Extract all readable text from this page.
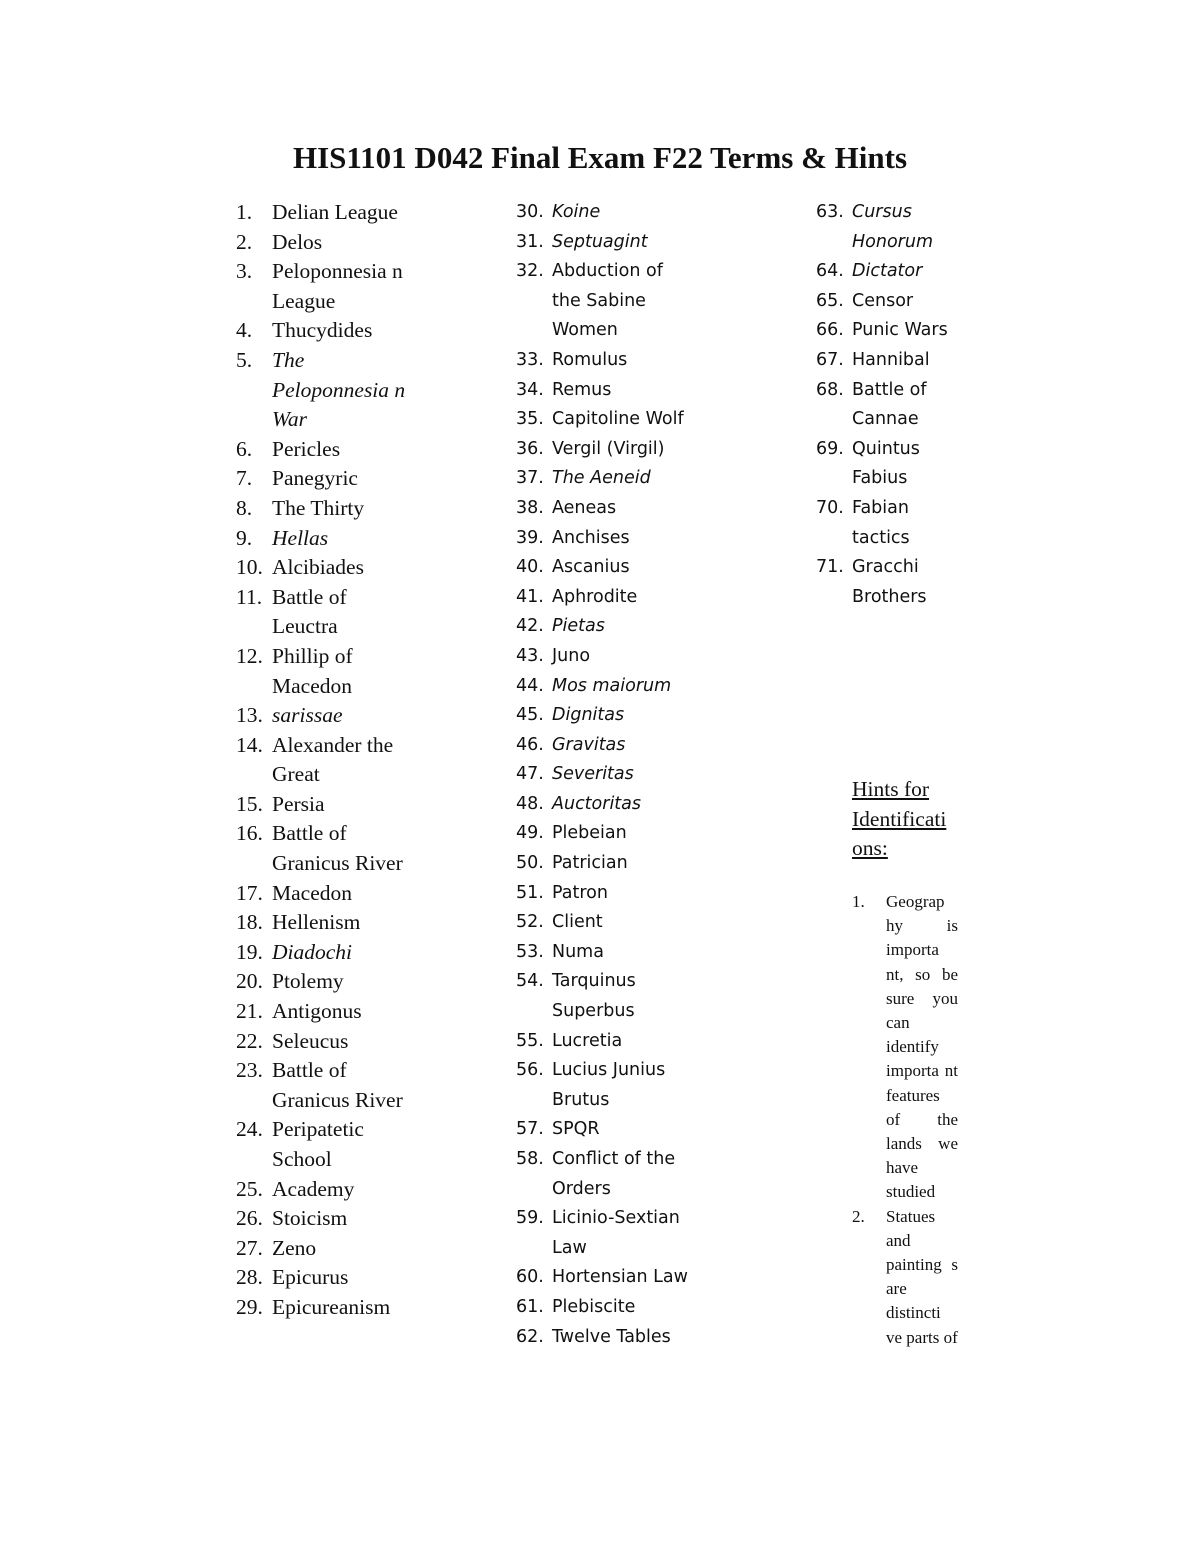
HIS1101 D042 Final Exam F22 Terms & Hints
1. Delian League
2. Delos
3. Peloponnesia n League
4. Thucydides
5. The Peloponnesia n War
6. Pericles
7. Panegyric
8. The Thirty
9. Hellas
10. Alcibiades
11. Battle of Leuctra
12. Phillip of Macedon
13. sarissae
14. Alexander the Great
15. Persia
16. Battle of Granicus River
17. Macedon
18. Hellenism
19. Diadochi
20. Ptolemy
21. Antigonus
22. Seleucus
23. Battle of Granicus River
24. Peripatetic School
25. Academy
26. Stoicism
27. Zeno
28. Epicurus
29. Epicureanism
30. Koine
31. Septuagint
32. Abduction of the Sabine Women
33. Romulus
34. Remus
35. Capitoline Wolf
36. Vergil (Virgil)
37. The Aeneid
38. Aeneas
39. Anchises
40. Ascanius
41. Aphrodite
42. Pietas
43. Juno
44. Mos maiorum
45. Dignitas
46. Gravitas
47. Severitas
48. Auctoritas
49. Plebeian
50. Patrician
51. Patron
52. Client
53. Numa
54. Tarquinus Superbus
55. Lucretia
56. Lucius Junius Brutus
57. SPQR
58. Conflict of the Orders
59. Licinio-Sextian Law
60. Hortensian Law
61. Plebiscite
62. Twelve Tables
63. Cursus Honorum
64. Dictator
65. Censor
66. Punic Wars
67. Hannibal
68. Battle of Cannae
69. Quintus Fabius
70. Fabian tactics
71. Gracchi Brothers
Hints for Identificati ons:
1. Geograp hy is importa nt, so be sure you can identify importa nt features of the lands we have studied
2. Statues and painting s are distincti ve parts of
